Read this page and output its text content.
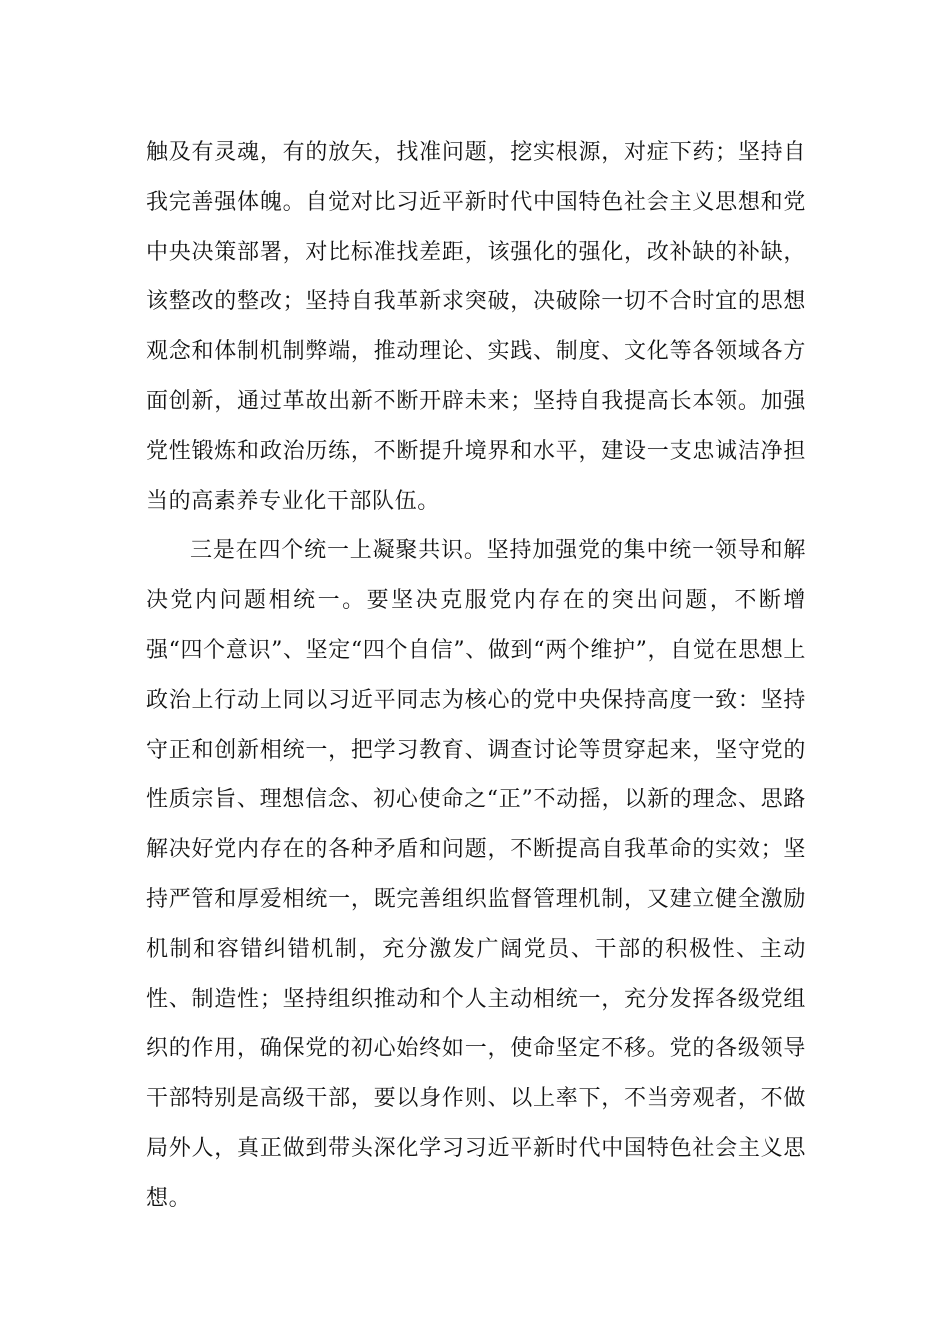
触及有灵魂，有的放矢，找准问题，挖实根源，对症下药；坚持自我完善强体魄。自觉对比习近平新时代中国特色社会主义思想和党中央决策部署，对比标准找差距，该强化的强化，改补缺的补缺，该整改的整改；坚持自我革新求突破，决破除一切不合时宜的思想观念和体制机制弊端，推动理论、实践、制度、文化等各领域各方面创新，通过革故出新不断开辟未来；坚持自我提高长本领。加强党性锻炼和政治历练，不断提升境界和水平，建设一支忠诚洁净担当的高素养专业化干部队伍。

三是在四个统一上凝聚共识。坚持加强党的集中统一领导和解决党内问题相统一。要坚决克服党内存在的突出问题，不断增强“四个意识”、坚定“四个自信”、做到“两个维护”，自觉在思想上政治上行动上同以习近平同志为核心的党中央保持高度一致：坚持守正和创新相统一，把学习教育、调查讨论等贯穿起来，坚守党的性质宗旨、理想信念、初心使命之“正”不动摇，以新的理念、思路解决好党内存在的各种矛盾和问题，不断提高自我革命的实效；坚持严管和厚爱相统一，既完善组织监督管理机制，又建立健全激励机制和容错纠错机制，充分激发广阔党员、干部的积极性、主动性、制造性；坚持组织推动和个人主动相统一，充分发挥各级党组织的作用，确保党的初心始终如一，使命坚定不移。党的各级领导干部特别是高级干部，要以身作则、以上率下，不当旁观者，不做局外人，真正做到带头深化学习习近平新时代中国特色社会主义思想。
